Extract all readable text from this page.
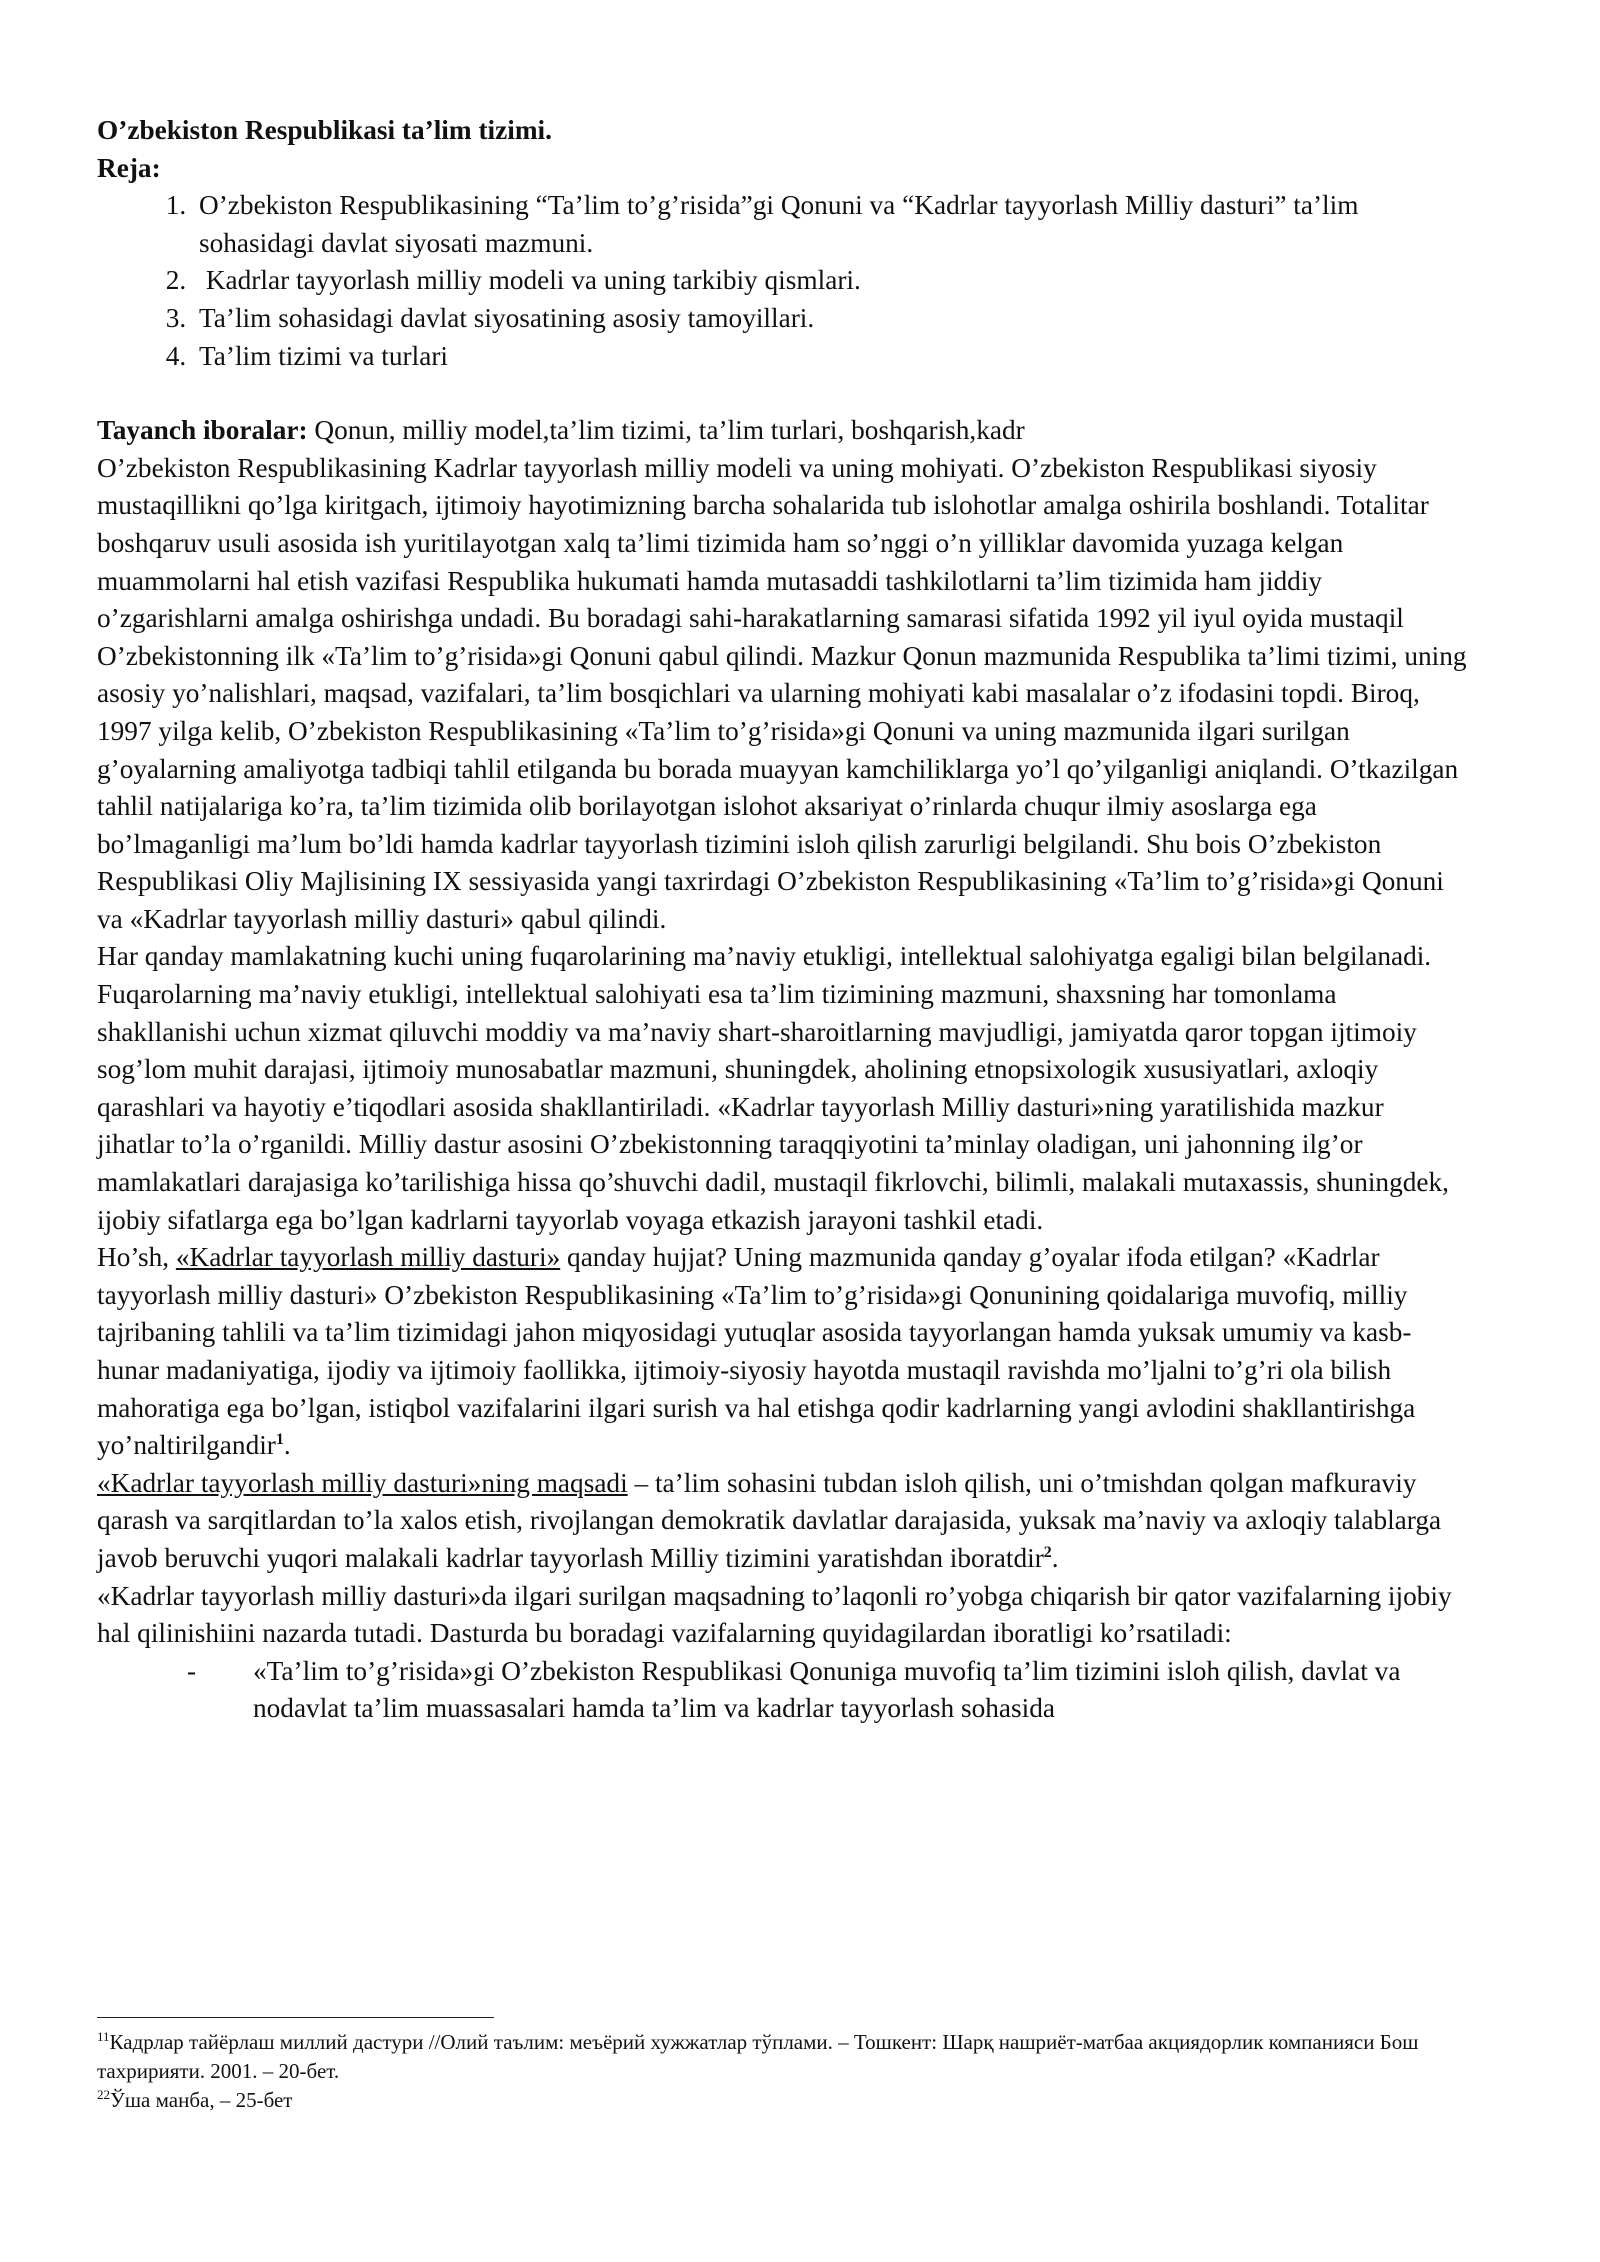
O’zbekiston Respublikasi ta’lim tizimi.

Reja:

1. O’zbekiston Respublikasining “Ta’lim to’g’risida”gi Qonuni va “Kadrlar tayyorlash Milliy dasturi” ta’lim sohasidagi davlat siyosati mazmuni.
2.  Kadrlar tayyorlash milliy modeli va uning tarkibiy qismlari.
3. Ta’lim sohasidagi davlat siyosatining asosiy tamoyillari.
4. Ta’lim tizimi va turlari

Tayanch iboralar: Qonun, milliy model,ta’lim tizimi, ta’lim turlari, boshqarish,kadr

O’zbekiston Respublikasining Kadrlar tayyorlash milliy modeli va uning mohiyati. O’zbekiston Respublikasi siyosiy mustaqillikni qo’lga kiritgach, ijtimoiy hayotimizning barcha sohalarida tub islohotlar amalga oshirila boshlandi. Totalitar boshqaruv usuli asosida ish yuritilayotgan xalq ta’limi tizimida ham so’nggi o’n yilliklar davomida yuzaga kelgan muammolarni hal etish vazifasi Respublika hukumati hamda mutasaddi tashkilotlarni ta’lim tizimida ham jiddiy o’zgarishlarni amalga oshirishga undadi. Bu boradagi sahi-harakatlarning samarasi sifatida 1992 yil iyul oyida mustaqil O’zbekistonning ilk «Ta’lim to’g’risida»gi Qonuni qabul qilindi. Mazkur Qonun mazmunida Respublika ta’limi tizimi, uning asosiy yo’nalishlari, maqsad, vazifalari, ta’lim bosqichlari va ularning mohiyati kabi masalalar o’z ifodasini topdi. Biroq, 1997 yilga kelib, O’zbekiston Respublikasining «Ta’lim to’g’risida»gi Qonuni va uning mazmunida ilgari surilgan g’oyalarning amaliyotga tadbiqi tahlil etilganda bu borada muayyan kamchiliklarga yo’l qo’yilganligi aniqlandi. O’tkazilgan tahlil natijalariga ko’ra, ta’lim tizimida olib borilayotgan islohot aksariyat o’rinlarda chuqur ilmiy asoslarga ega bo’lmaganligi ma’lum bo’ldi hamda kadrlar tayyorlash tizimini isloh qilish zarurligi belgilandi. Shu bois O’zbekiston Respublikasi Oliy Majlisining IX sessiyasida yangi taxrirdagi O’zbekiston Respublikasining «Ta’lim to’g’risida»gi Qonuni va «Kadrlar tayyorlash milliy dasturi» qabul qilindi.

Har qanday mamlakatning kuchi uning fuqarolarining ma’naviy etukligi, intellektual salohiyatga egaligi bilan belgilanadi. Fuqarolarning ma’naviy etukligi, intellektual salohiyati esa ta’lim tizimining mazmuni, shaxsning har tomonlama shakllanishi uchun xizmat qiluvchi moddiy va ma’naviy shart-sharoitlarning mavjudligi, jamiyatda qaror topgan ijtimoiy sog’lom muhit darajasi, ijtimoiy munosabatlar mazmuni, shuningdek, aholining etnopsixologik xususiyatlari, axloqiy qarashlari va hayotiy e’tiqodlari asosida shakllantiriladi. «Kadrlar tayyorlash Milliy dasturi»ning yaratilishida mazkur jihatlar to’la o’rganildi. Milliy dastur asosini O’zbekistonning taraqqiyotini ta’minlay oladigan, uni jahonning ilg’or mamlakatlari darajasiga ko’tarilishiga hissa qo’shuvchi dadil, mustaqil fikrlovchi, bilimli, malakali mutaxassis, shuningdek, ijobiy sifatlarga ega bo’lgan kadrlarni tayyorlab voyaga etkazish jarayoni tashkil etadi.

Ho’sh, «Kadrlar tayyorlash milliy dasturi» qanday hujjat? Uning mazmunida qanday g’oyalar ifoda etilgan? «Kadrlar tayyorlash milliy dasturi» O’zbekiston Respublikasining «Ta’lim to’g’risida»gi Qonunining qoidalariga muvofiq, milliy tajribaning tahlili va ta’lim tizimidagi jahon miqyosidagi yutuqlar asosida tayyorlangan hamda yuksak umumiy va kasb-hunar madaniyatiga, ijodiy va ijtimoiy faollikka, ijtimoiy-siyosiy hayotda mustaqil ravishda mo’ljalni to’g’ri ola bilish mahoratiga ega bo’lgan, istiqbol vazifalarini ilgari surish va hal etishga qodir kadrlarning yangi avlodini shakllantirishga yo’naltirilgandir$^1$.

«Kadrlar tayyorlash milliy dasturi»ning maqsadi – ta’lim sohasini tubdan isloh qilish, uni o’tmishdan qolgan mafkuraviy qarash va sarqitlardan to’la xalos etish, rivojlangan demokratik davlatlar darajasida, yuksak ma’naviy va axloqiy talablarga javob beruvchi yuqori malakali kadrlar tayyorlash Milliy tizimini yaratishdan iboratdir$^2$.

«Kadrlar tayyorlash milliy dasturi»da ilgari surilgan maqsadning to’laqonli ro’yobga chiqarish bir qator vazifalarning ijobiy hal qilinishiini nazarda tutadi. Dasturda bu boradagi vazifalarning quyidagilardan iboratligi ko’rsatiladi:

- «Ta’lim to’g’risida»gi O’zbekiston Respublikasi Qonuniga muvofiq ta’lim tizimini isloh qilish, davlat va nodavlat ta’lim muassasalari hamda ta’lim va kadrlar tayyorlash sohasida

$^{11}$Кадрлар тайёрлаш миллий дастури //Олий таълим: меъёрий хужжатлар тўплами. – Тошкент: Шарқ нашриёт-матбаа акциядорлик компанияси Бош тахририяти. 2001. – 20-бет.

$^{22}$Ўша манба, – 25-бет
